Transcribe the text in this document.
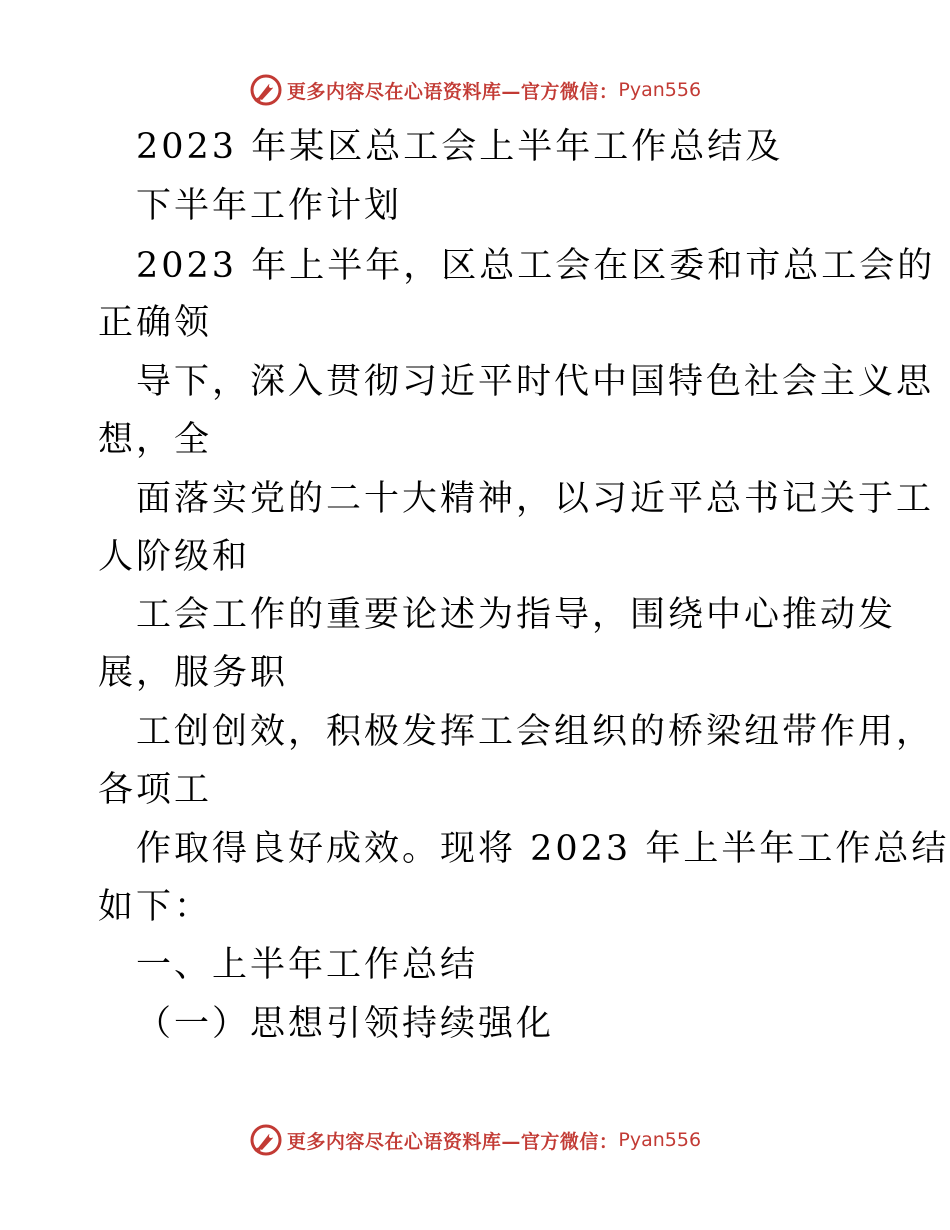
更多内容尽在心语资料库—官方微信： Pyan556
2023 年某区总工会上半年工作总结及
下半年工作计划
2023 年上半年，区总工会在区委和市总工会的
正确领
导下，深入贯彻习近平时代中国特色社会主义思
想，全
面落实党的二十大精神，以习近平总书记关于工
人阶级和
工会工作的重要论述为指导，围绕中心推动发
展，服务职
工创创效，积极发挥工会组织的桥梁纽带作用，
各项工
作取得良好成效。现将 2023 年上半年工作总结
如下：
一、上半年工作总结
（一）思想引领持续强化
更多内容尽在心语资料库—官方微信： Pyan556
